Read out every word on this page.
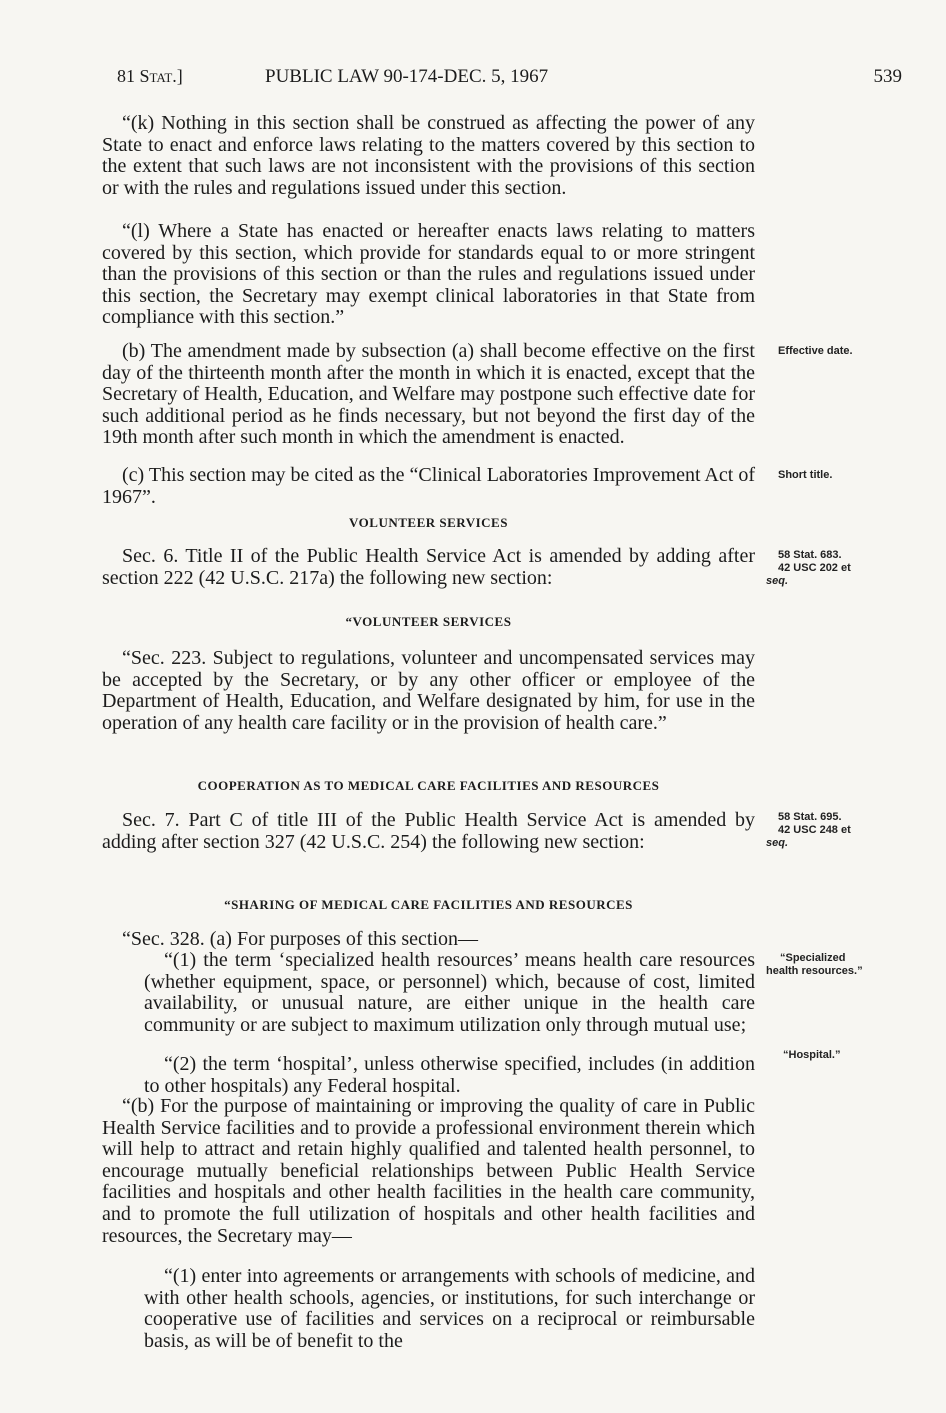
81 Stat.]	PUBLIC LAW 90-174-DEC. 5, 1967	539

“(k) Nothing in this section shall be construed as affecting the power of any State to enact and enforce laws relating to the matters covered by this section to the extent that such laws are not inconsistent with the provisions of this section or with the rules and regulations issued under this section.

“(l) Where a State has enacted or hereafter enacts laws relating to matters covered by this section, which provide for standards equal to or more stringent than the provisions of this section or than the rules and regulations issued under this section, the Secretary may exempt clinical laboratories in that State from compliance with this section.”

(b) The amendment made by subsection (a) shall become effective on the first day of the thirteenth month after the month in which it is enacted, except that the Secretary of Health, Education, and Welfare may postpone such effective date for such additional period as he finds necessary, but not beyond the first day of the 19th month after such month in which the amendment is enacted.

(c) This section may be cited as the “Clinical Laboratories Improvement Act of 1967”.

VOLUNTEER SERVICES

Sec. 6. Title II of the Public Health Service Act is amended by adding after section 222 (42 U.S.C. 217a) the following new section:

“VOLUNTEER SERVICES

“Sec. 223. Subject to regulations, volunteer and uncompensated services may be accepted by the Secretary, or by any other officer or employee of the Department of Health, Education, and Welfare designated by him, for use in the operation of any health care facility or in the provision of health care.”

COOPERATION AS TO MEDICAL CARE FACILITIES AND RESOURCES

Sec. 7. Part C of title III of the Public Health Service Act is amended by adding after section 327 (42 U.S.C. 254) the following new section:

“SHARING OF MEDICAL CARE FACILITIES AND RESOURCES

“Sec. 328. (a) For purposes of this section—

“(1) the term ‘specialized health resources’ means health care resources (whether equipment, space, or personnel) which, because of cost, limited availability, or unusual nature, are either unique in the health care community or are subject to maximum utilization only through mutual use;

“(2) the term ‘hospital’, unless otherwise specified, includes (in addition to other hospitals) any Federal hospital.

“(b) For the purpose of maintaining or improving the quality of care in Public Health Service facilities and to provide a professional environment therein which will help to attract and retain highly qualified and talented health personnel, to encourage mutually beneficial relationships between Public Health Service facilities and hospitals and other health facilities in the health care community, and to promote the full utilization of hospitals and other health facilities and resources, the Secretary may—

“(1) enter into agreements or arrangements with schools of medicine, and with other health schools, agencies, or institutions, for such interchange or cooperative use of facilities and services on a reciprocal or reimbursable basis, as will be of benefit to the

Effective date.
Short title.
58 Stat. 683.
42 USC 202 et
seq.
58 Stat. 695.
42 USC 248 et
seq.
“Specialized
health resources.”
“Hospital.”
